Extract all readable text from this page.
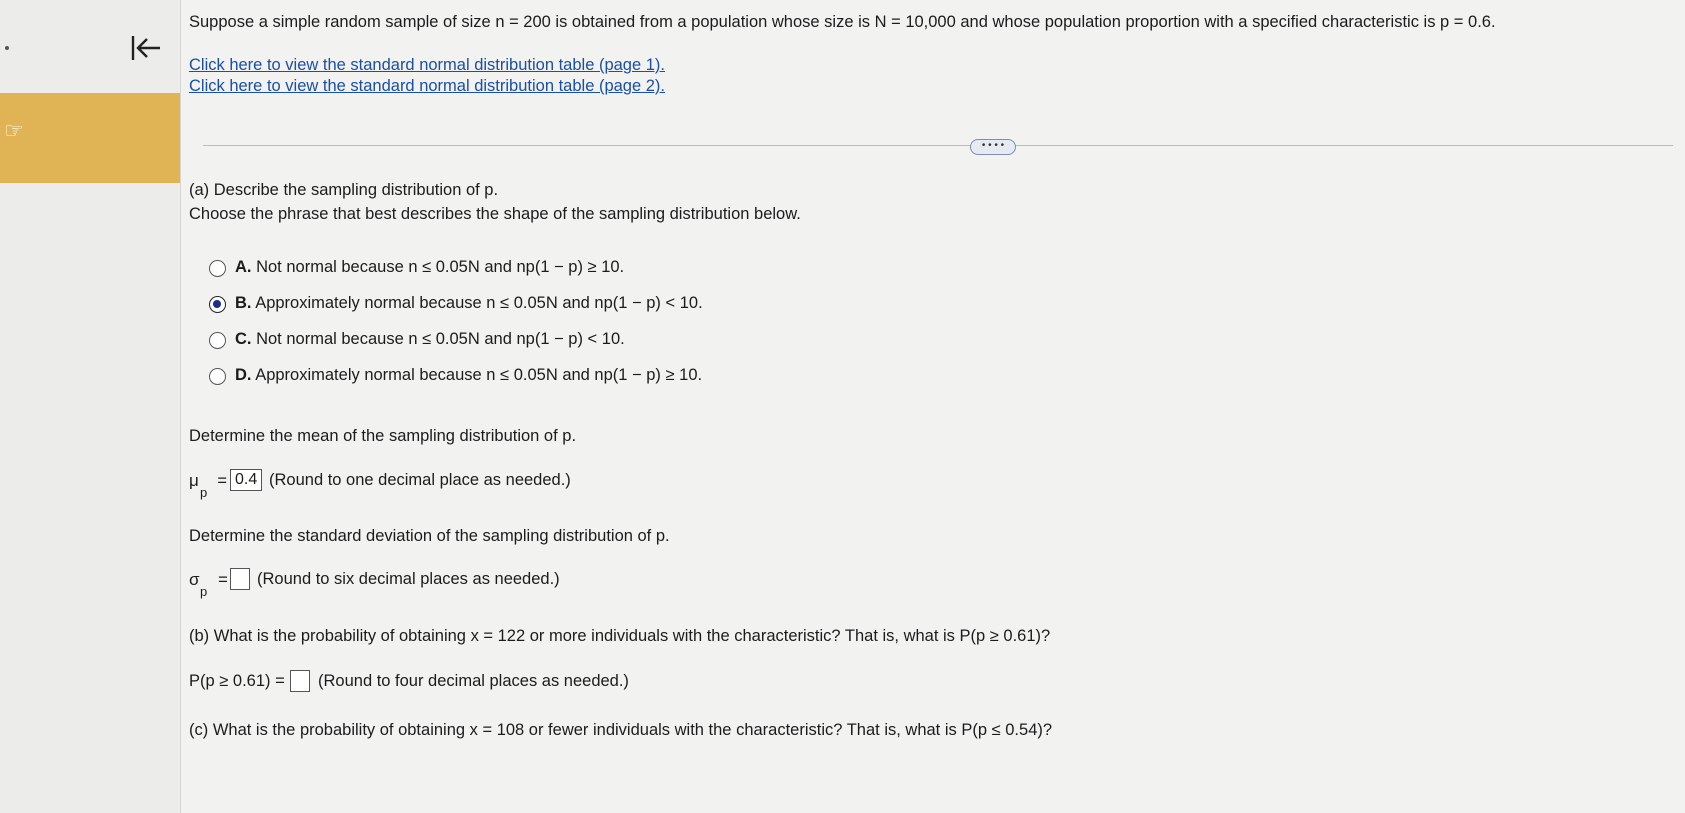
☞
Suppose a simple random sample of size n = 200 is obtained from a population whose size is N = 10,000 and whose population proportion with a specified characteristic is p = 0.6.
Click here to view the standard normal distribution table (page 1).
Click here to view the standard normal distribution table (page 2).
• • • •
(a) Describe the sampling distribution of p.
Choose the phrase that best describes the shape of the sampling distribution below.
A. Not normal because n ≤ 0.05N and np(1 − p) ≥ 10.
B. Approximately normal because n ≤ 0.05N and np(1 − p) < 10.
C. Not normal because n ≤ 0.05N and np(1 − p) < 10.
D. Approximately normal because n ≤ 0.05N and np(1 − p) ≥ 10.
Determine the mean of the sampling distribution of p.
μ
p
= 0.4 (Round to one decimal place as needed.)
Determine the standard deviation of the sampling distribution of p.
σ
p
= (Round to six decimal places as needed.)
(b) What is the probability of obtaining x = 122 or more individuals with the characteristic? That is, what is P(p ≥ 0.61)?
P(p ≥ 0.61) = (Round to four decimal places as needed.)
(c) What is the probability of obtaining x = 108 or fewer individuals with the characteristic? That is, what is P(p ≤ 0.54)?
